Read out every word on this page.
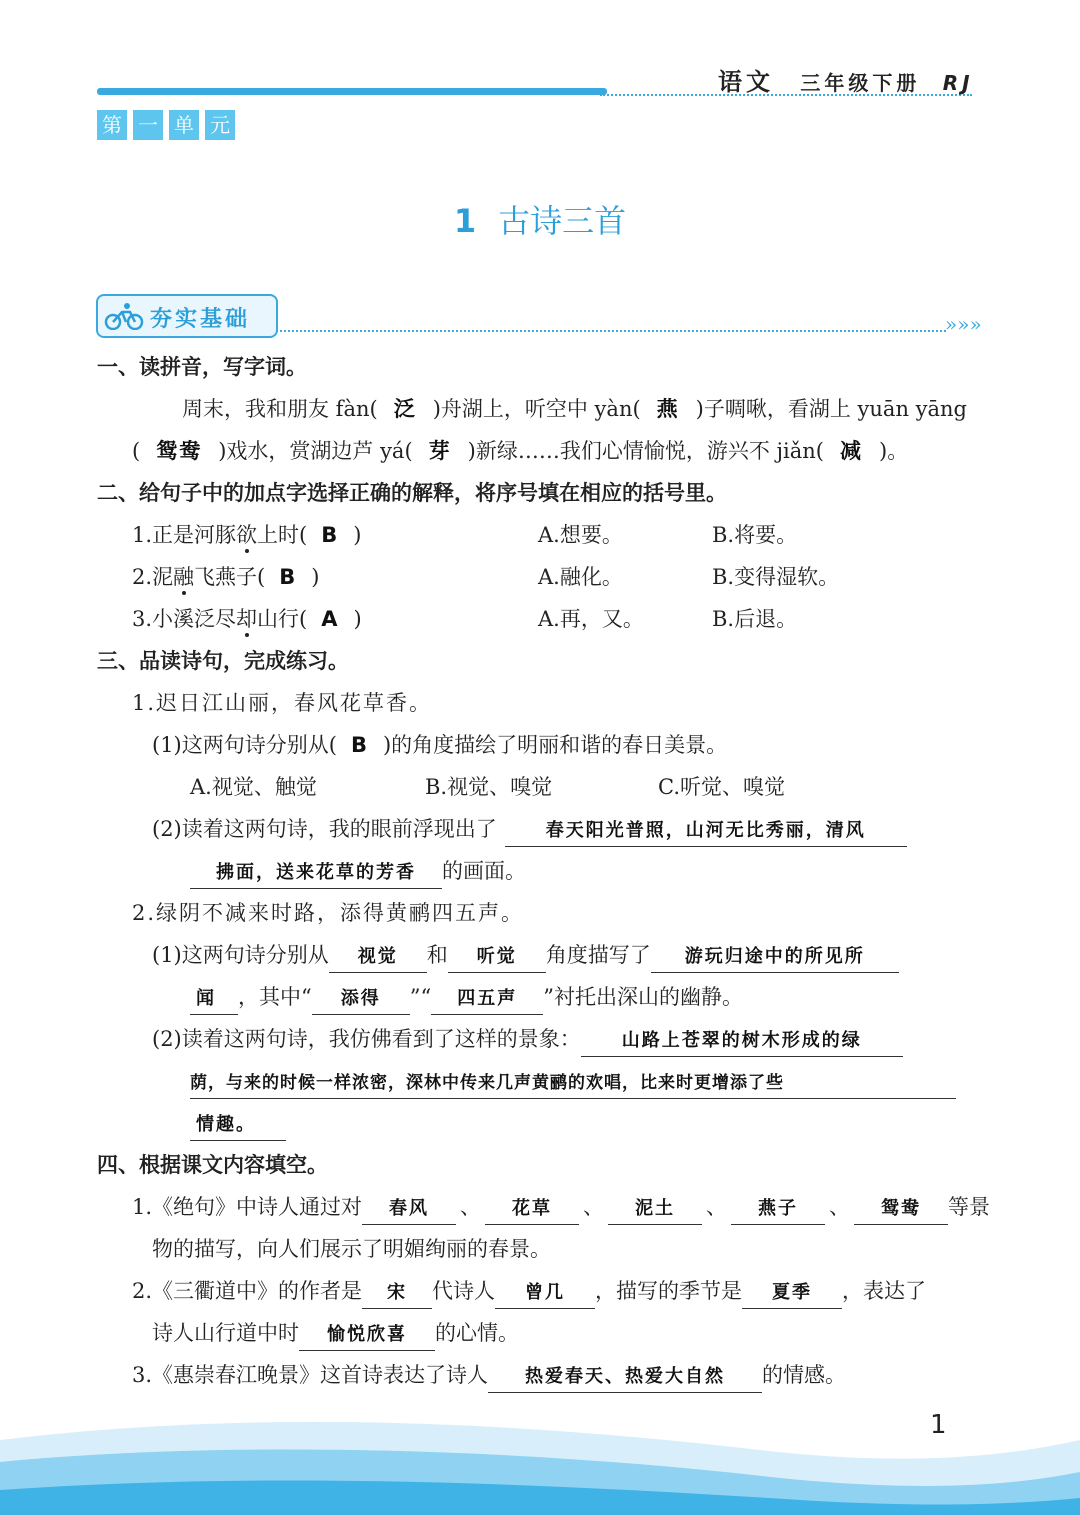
语文 三年级下册 RJ
第 一 单 元
1 古诗三首
夯实基础	»»»
一、读拼音，写字词。
周末，我和朋友 fàn( 泛 )舟湖上，听空中 yàn( 燕 )子啁啾，看湖上 yuān yāng
( 鸳鸯 )戏水，赏湖边芦 yá( 芽 )新绿……我们心情愉悦，游兴不 jiǎn( 减 )。
二、给句子中的加点字选择正确的解释，将序号填在相应的括号里。
1.正是河豚欲上时( B )	A.想要。	B.将要。
2.泥融飞燕子( B )	A.融化。	B.变得湿软。
3.小溪泛尽却山行( A )	A.再，又。	B.后退。
三、品读诗句，完成练习。
1.迟日江山丽，春风花草香。
(1)这两句诗分别从( B )的角度描绘了明丽和谐的春日美景。
A.视觉、触觉	B.视觉、嗅觉	C.听觉、嗅觉
(2)读着这两句诗，我的眼前浮现出了	春天阳光普照，山河无比秀丽，清风
拂面，送来花草的芳香 的画面。
2.绿阴不减来时路，添得黄鹂四五声。
(1)这两句诗分别从 视觉 和 听觉 角度描写了 游玩归途中的所见所
闻 ，其中“ 添得 ”“ 四五声 ”衬托出深山的幽静。
(2)读着这两句诗，我仿佛看到了这样的景象： 山路上苍翠的树木形成的绿
荫，与来的时候一样浓密，深林中传来几声黄鹂的欢唱，比来时更增添了些
情趣。
四、根据课文内容填空。
1.《绝句》中诗人通过对 春风 、 花草 、 泥土 、 燕子 、 鸳鸯 等景
物的描写，向人们展示了明媚绚丽的春景。
2.《三衢道中》的作者是 宋 代诗人 曾几 ，描写的季节是 夏季 ，表达了
诗人山行道中时 愉悦欣喜 的心情。
3.《惠崇春江晚景》这首诗表达了诗人 热爱春天、热爱大自然 的情感。
1
